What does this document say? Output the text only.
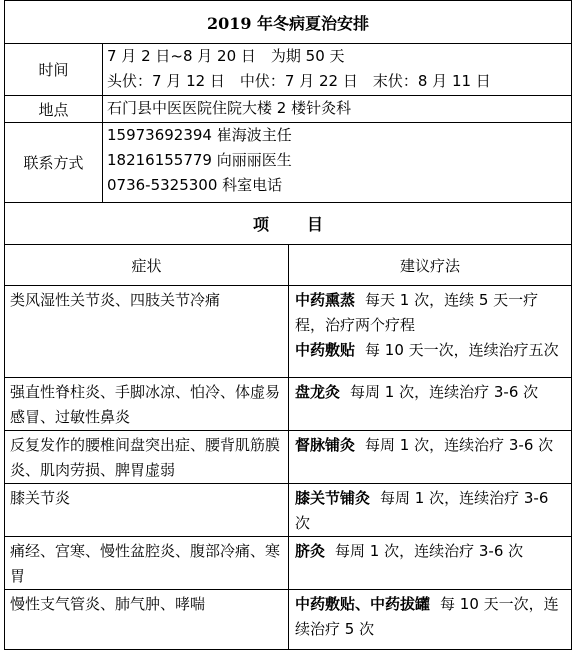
2019 年冬病夏治安排		
时间	7 月 2 日~8 月 20 日　为期 50 天
头伏：7 月 12 日　中伏：7 月 22 日　末伏：8 月 11 日	

地点	石门县中医医院住院大楼 2 楼针灸科	
联系方式	15973692394 崔海波主任
18216155779 向丽丽医生
0736-5325300 科室电话	

项 目		
症状		建议疗法
类风湿性关节炎、四肢关节冷痛		中药熏蒸 每天 1 次，连续 5 天一疗程，治疗两个疗程
中药敷贴 每 10 天一次，连续治疗五次

强直性脊柱炎、手脚冰凉、怕冷、体虚易感冒、过敏性鼻炎		盘龙灸 每周 1 次，连续治疗 3-6 次
反复发作的腰椎间盘突出症、腰背肌筋膜炎、肌肉劳损、脾胃虚弱		督脉铺灸 每周 1 次，连续治疗 3-6 次
膝关节炎		膝关节铺灸 每周 1 次，连续治疗 3-6 次
痛经、宫寒、慢性盆腔炎、腹部冷痛、寒胃		脐灸 每周 1 次，连续治疗 3-6 次
慢性支气管炎、肺气肿、哮喘		中药敷贴、中药拔罐 每 10 天一次，连续治疗 5 次
